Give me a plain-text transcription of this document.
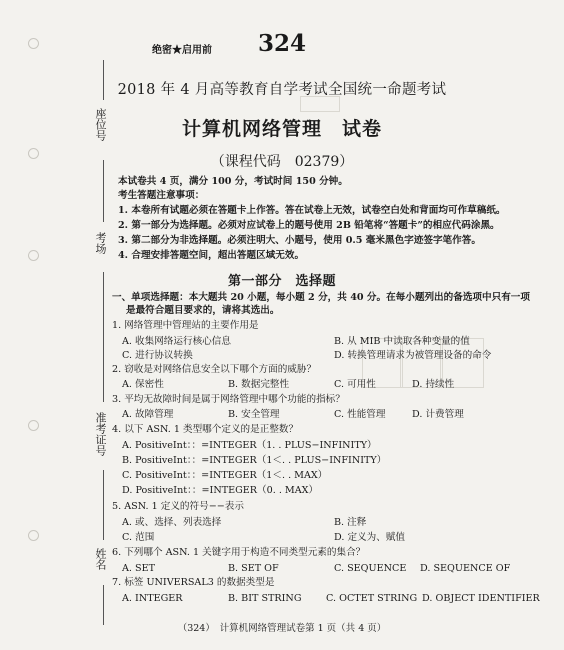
座位号
考场
准考证号
姓名
绝密★启用前	324
2018 年 4 月高等教育自学考试全国统一命题考试
计算机网络管理　试卷
（课程代码　02379）
本试卷共 4 页，满分 100 分，考试时间 150 分钟。
考生答题注意事项：
1. 本卷所有试题必须在答题卡上作答。答在试卷上无效，试卷空白处和背面均可作草稿纸。
2. 第一部分为选择题。必须对应试卷上的题号使用 2B 铅笔将“答题卡”的相应代码涂黑。
3. 第二部分为非选择题。必须注明大、小题号，使用 0.5 毫米黑色字迹签字笔作答。
4. 合理安排答题空间，超出答题区域无效。
第一部分　选择题
一、单项选择题：本大题共 20 小题，每小题 2 分，共 40 分。在每小题列出的备选项中只有一项
是最符合题目要求的，请将其选出。
1. 网络管理中管理站的主要作用是
A. 收集网络运行核心信息	B. 从 MIB 中读取各种变量的值
C. 进行协议转换	D. 转换管理请求为被管理设备的命令
2. 窃收是对网络信息安全以下哪个方面的威胁？
A. 保密性	B. 数据完整性	C. 可用性	D. 持续性
3. 平均无故障时间是属于网络管理中哪个功能的指标？
A. 故障管理	B. 安全管理	C. 性能管理	D. 计费管理
4. 以下 ASN. 1 类型哪个定义的是正整数？
A. PositiveInt：：=INTEGER（1. . PLUS−INFINITY）
B. PositiveInt：：=INTEGER（1＜. . PLUS−INFINITY）
C. PositiveInt：：=INTEGER（1＜. . MAX）
D. PositiveInt：：=INTEGER（0. . MAX）
5. ASN. 1 定义的符号−−表示
A. 或、选择、列表选择	B. 注释
C. 范围	D. 定义为、赋值
6. 下列哪个 ASN. 1 关键字用于构造不同类型元素的集合？
A. SET	B. SET OF	C. SEQUENCE D. SEQUENCE OF
7. 标签 UNIVERSAL3 的数据类型是
A. INTEGER	B. BIT STRING	C. OCTET STRING D. OBJECT IDENTIFIER
（324）　计算机网络管理试卷第 1 页（共 4 页）
